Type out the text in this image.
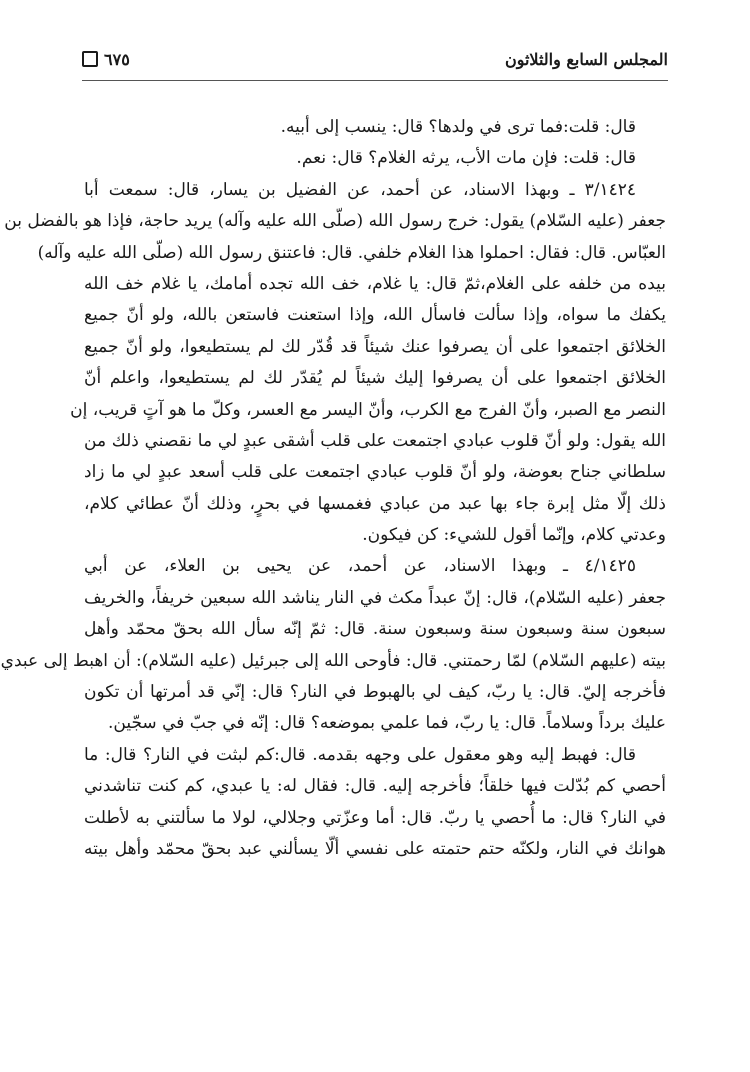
المجلس السابع والثلاثون
٦٧٥
قال: قلت:فما ترى في ولدها؟ قال: ينسب إلى أبيه.
قال: قلت: فإن مات الأب، يرثه الغلام؟ قال: نعم.
٣/١٤٢٤ ـ وبهذا الاسناد، عن أحمد، عن الفضيل بن يسار، قال: سمعت أبا
جعفر (عليه السّلام) يقول: خرج رسول الله (صلّى الله عليه وآله) يريد حاجة، فإذا هو بالفضل بن
العبّاس. قال: فقال: احملوا هذا الغلام خلفي. قال: فاعتنق رسول الله (صلّى الله عليه وآله)
بيده من خلفه على الغلام،ثمّ قال: يا غلام، خف الله تجده أمامك، يا غلام خف الله
يكفك ما سواه، وإذا سألت فاسأل الله، وإذا استعنت فاستعن بالله، ولو أنّ جميع
الخلائق اجتمعوا على أن يصرفوا عنك شيئاً قد قُدّر لك لم يستطيعوا، ولو أنّ جميع
الخلائق اجتمعوا على أن يصرفوا إليك شيئاً لم يُقدّر لك لم يستطيعوا، واعلم أنّ
النصر مع الصبر، وأنّ الفرج مع الكرب، وأنّ اليسر مع العسر، وكلّ ما هو آتٍ قريب، إن
الله يقول: ولو أنّ قلوب عبادي اجتمعت على قلب أشقى عبدٍ لي ما نقصني ذلك من
سلطاني جناح بعوضة، ولو أنّ قلوب عبادي اجتمعت على قلب أسعد عبدٍ لي ما زاد
ذلك إلّا مثل إبرة جاء بها عبد من عبادي فغمسها في بحرٍ، وذلك أنّ عطائي كلام،
وعدتي كلام، وإنّما أقول للشيء: كن فيكون.
٤/١٤٢٥ ـ وبهذا الاسناد، عن أحمد، عن يحيى بن العلاء، عن أبي
جعفر (عليه السّلام)، قال: إنّ عبداً مكث في النار يناشد الله سبعين خريفاً، والخريف
سبعون سنة وسبعون سنة وسبعون سنة. قال: ثمّ إنّه سأل الله بحقّ محمّد وأهل
بيته (عليهم السّلام) لمّا رحمتني. قال: فأوحى الله إلى جبرئيل (عليه السّلام): أن اهبط إلى عبدي
فأخرجه إليّ. قال: يا ربّ، كيف لي بالهبوط في النار؟ قال: إنّي قد أمرتها أن تكون
عليك برداً وسلاماً. قال: يا ربّ، فما علمي بموضعه؟ قال: إنّه في جبّ في سجّين.
قال: فهبط إليه وهو معقول على وجهه بقدمه. قال:كم لبثت في النار؟ قال: ما
أحصي كم بُدّلت فيها خلقاً؛ فأخرجه إليه. قال: فقال له: يا عبدي، كم كنت تناشدني
في النار؟ قال: ما أُحصي يا ربّ. قال: أما وعزّتي وجلالي، لولا ما سألتني به لأطلت
هوانك في النار، ولكنّه حتم حتمته على نفسي ألّا يسألني عبد بحقّ محمّد وأهل بيته
